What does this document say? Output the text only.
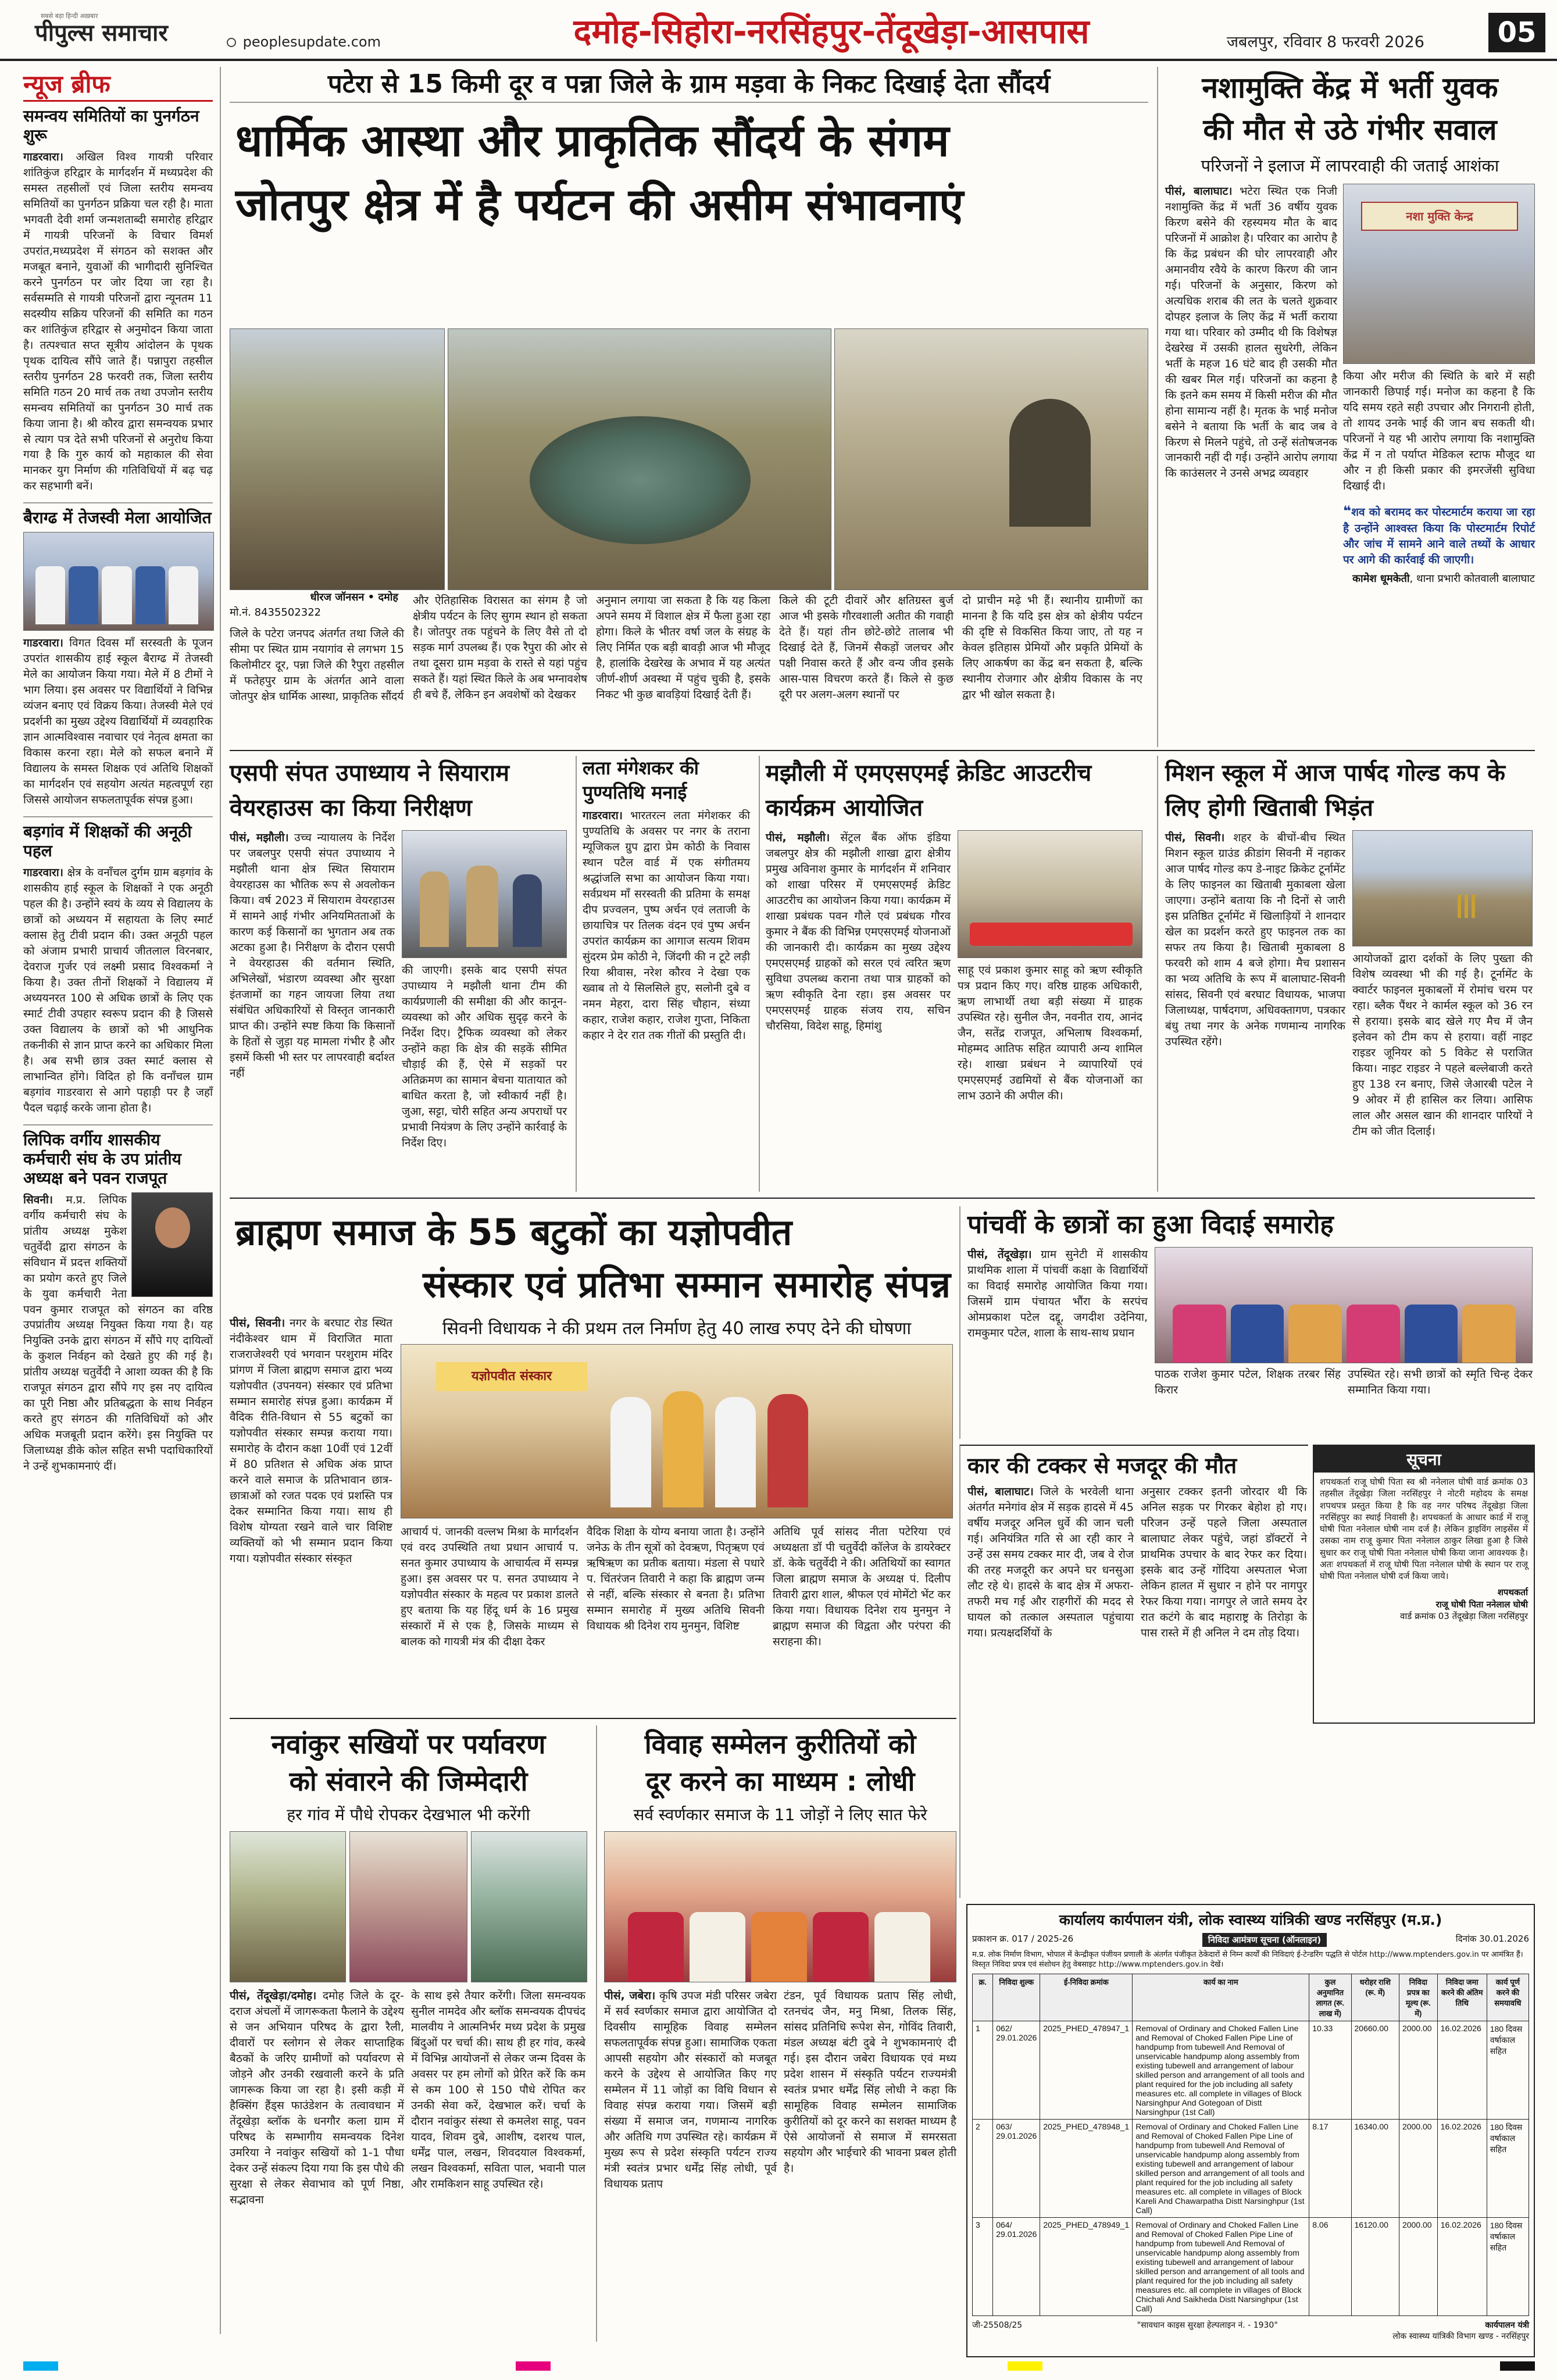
सबसे बड़ा हिन्दी अख़बार
पीपुल्स समाचार	peoplesupdate.com	दमोह-सिहोरा-नरसिंहपुर-तेंदूखेड़ा-आसपास	जबलपुर, रविवार 8 फरवरी 2026	05
न्यूज ब्रीफ
समन्वय समितियों का पुनर्गठन शुरू
गाडरवारा। अखिल विश्व गायत्री परिवार शांतिकुंज हरिद्वार के मार्गदर्शन में मध्यप्रदेश की समस्त तहसीलों एवं जिला स्तरीय समन्वय समितियों का पुनर्गठन प्रक्रिया चल रही है। माता भगवती देवी शर्मा जन्मशताब्दी समारोह हरिद्वार में गायत्री परिजनों के विचार विमर्श उपरांत,मध्यप्रदेश में संगठन को सशक्त और मजबूत बनाने, युवाओं की भागीदारी सुनिश्चित करने पुनर्गठन पर जोर दिया जा रहा है। सर्वसम्मति से गायत्री परिजनों द्वारा न्यूनतम 11 सदस्यीय सक्रिय परिजनों की समिति का गठन कर शांतिकुंज हरिद्वार से अनुमोदन किया जाता है। तत्पश्चात सप्त सूत्रीय आंदोलन के पृथक पृथक दायित्व सौंपे जाते हैं। पन्नापुरा तहसील स्तरीय पुनर्गठन 28 फरवरी तक, जिला स्तरीय समिति गठन 20 मार्च तक तथा उपजोन स्तरीय समन्वय समितियों का पुनर्गठन 30 मार्च तक किया जाना है। श्री कौरव द्वारा समन्वयक प्रभार से त्याग पत्र देते सभी परिजनों से अनुरोध किया गया है कि गुरु कार्य को महाकाल की सेवा मानकर युग निर्माण की गतिविधियों में बढ़ चढ़ कर सहभागी बनें।
बैराग्ढ में तेजस्वी मेला आयोजित
गाडरवारा। विगत दिवस माँ सरस्वती के पूजन उपरांत शासकीय हाई स्कूल बैराग्ढ में तेजस्वी मेले का आयोजन किया गया। मेले में 8 टीमों ने भाग लिया। इस अवसर पर विद्यार्थियों ने विभिन्न व्यंजन बनाए एवं विक्रय किया। तेजस्वी मेले एवं प्रदर्शनी का मुख्य उद्देश्य विद्यार्थियों में व्यवहारिक ज्ञान आत्मविश्वास नवाचार एवं नेतृत्व क्षमता का विकास करना रहा। मेले को सफल बनाने में विद्यालय के समस्त शिक्षक एवं अतिथि शिक्षकों का मार्गदर्शन एवं सहयोग अत्यंत महत्वपूर्ण रहा जिससे आयोजन सफलतापूर्वक संपन्न हुआ।
बड़गांव में शिक्षकों की अनूठी पहल
गाडरवारा। क्षेत्र के वनाँचल दुर्गम ग्राम बड़गांव के शासकीय हाई स्कूल के शिक्षकों ने एक अनूठी पहल की है। उन्होंने स्वयं के व्यय से विद्यालय के छात्रों को अध्ययन में सहायता के लिए स्मार्ट क्लास हेतु टीवी प्रदान की। उक्त अनूठी पहल को अंजाम प्रभारी प्राचार्य जीतलाल विरनबार, देवराज गुर्जर एवं लक्ष्मी प्रसाद विश्वकर्मा ने किया है। उक्त तीनों शिक्षकों ने विद्यालय में अध्ययनरत 100 से अधिक छात्रों के लिए एक स्मार्ट टीवी उपहार स्वरूप प्रदान की है जिससे उक्त विद्यालय के छात्रों को भी आधुनिक तकनीकी से ज्ञान प्राप्त करने का अधिकार मिला है। अब सभी छात्र उक्त स्मार्ट क्लास से लाभान्वित होंगे। विदित हो कि वनाँचल ग्राम बड़गांव गाडरवारा से आगे पहाड़ी पर है जहाँ पैदल चढ़ाई करके जाना होता है।
लिपिक वर्गीय शासकीय कर्मचारी संघ के उप प्रांतीय अध्यक्ष बने पवन राजपूत
सिवनी। म.प्र. लिपिक वर्गीय कर्मचारी संघ के प्रांतीय अध्यक्ष मुकेश चतुर्वेदी द्वारा संगठन के संविधान में प्रदत्त शक्तियों का प्रयोग करते हुए जिले के युवा कर्मचारी नेता पवन कुमार राजपूत को संगठन का वरिष्ठ उपप्रांतीय अध्यक्ष नियुक्त किया गया है। यह नियुक्ति उनके द्वारा संगठन में सौंपे गए दायित्वों के कुशल निर्वहन को देखते हुए की गई है। प्रांतीय अध्यक्ष चतुर्वेदी ने आशा व्यक्त की है कि राजपूत संगठन द्वारा सौंपे गए इस नए दायित्व का पूरी निष्ठा और प्रतिबद्धता के साथ निर्वहन करते हुए संगठन की गतिविधियों को और अधिक मजबूती प्रदान करेंगे। इस नियुक्ति पर जिलाध्यक्ष डीके कोल सहित सभी पदाधिकारियों ने उन्हें शुभकामनाएं दीं।
पटेरा से 15 किमी दूर व पन्ना जिले के ग्राम मड़वा के निकट दिखाई देता सौंदर्य
धार्मिक आस्था और प्राकृतिक सौंदर्य के संगम
जोतपुर क्षेत्र में है पर्यटन की असीम संभावनाएं
धीरज जॉनसन • दमोह
मो.नं. 8435502322
जिले के पटेरा जनपद अंतर्गत तथा जिले की सीमा पर स्थित ग्राम नयागांव से लगभग 15 किलोमीटर दूर, पन्ना जिले की रैपुरा तहसील में फतेहपुर ग्राम के अंतर्गत आने वाला जोतपुर क्षेत्र धार्मिक आस्था, प्राकृतिक सौंदर्य
और ऐतिहासिक विरासत का संगम है जो क्षेत्रीय पर्यटन के लिए सुगम स्थान हो सकता है। जोतपुर तक पहुंचने के लिए वैसे तो दो सड़क मार्ग उपलब्ध हैं। एक रैपुरा की ओर से तथा दूसरा ग्राम मड़वा के रास्ते से यहां पहुंच सकते हैं। यहां स्थित किले के अब भग्नावशेष ही बचे हैं, लेकिन इन अवशेषों को देखकर
अनुमान लगाया जा सकता है कि यह किला अपने समय में विशाल क्षेत्र में फैला हुआ रहा होगा। किले के भीतर वर्षा जल के संग्रह के लिए निर्मित एक बड़ी बावड़ी आज भी मौजूद है, हालांकि देखरेख के अभाव में यह अत्यंत जीर्ण-शीर्ण अवस्था में पहुंच चुकी है, इसके निकट भी कुछ बावड़ियां दिखाई देती हैं।
किले की टूटी दीवारें और क्षतिग्रस्त बुर्ज आज भी इसके गौरवशाली अतीत की गवाही देते हैं। यहां तीन छोटे-छोटे तालाब भी दिखाई देते हैं, जिनमें सैकड़ों जलचर और पक्षी निवास करते हैं और वन्य जीव इसके आस-पास विचरण करते हैं। किले से कुछ दूरी पर अलग-अलग स्थानों पर
दो प्राचीन मढ़े भी हैं। स्थानीय ग्रामीणों का मानना है कि यदि इस क्षेत्र को क्षेत्रीय पर्यटन की दृष्टि से विकसित किया जाए, तो यह न केवल इतिहास प्रेमियों और प्रकृति प्रेमियों के लिए आकर्षण का केंद्र बन सकता है, बल्कि स्थानीय रोजगार और क्षेत्रीय विकास के नए द्वार भी खोल सकता है।
नशामुक्ति केंद्र में भर्ती युवक
की मौत से उठे गंभीर सवाल
परिजनों ने इलाज में लापरवाही की जताई आशंका
पीसं, बालाघाट। भटेरा स्थित एक निजी नशामुक्ति केंद्र में भर्ती 36 वर्षीय युवक किरण बसेने की रहस्यमय मौत के बाद परिजनों में आक्रोश है। परिवार का आरोप है कि केंद्र प्रबंधन की घोर लापरवाही और अमानवीय रवैये के कारण किरण की जान गई। परिजनों के अनुसार, किरण को अत्यधिक शराब की लत के चलते शुक्रवार दोपहर इलाज के लिए केंद्र में भर्ती कराया गया था। परिवार को उम्मीद थी कि विशेषज्ञ देखरेख में उसकी हालत सुधरेगी, लेकिन भर्ती के महज 16 घंटे बाद ही उसकी मौत की खबर मिल गई। परिजनों का कहना है कि इतने कम समय में किसी मरीज की मौत होना सामान्य नहीं है। मृतक के भाई मनोज बसेने ने बताया कि भर्ती के बाद जब वे किरण से मिलने पहुंचे, तो उन्हें संतोषजनक जानकारी नहीं दी गई। उन्होंने आरोप लगाया कि काउंसलर ने उनसे अभद्र व्यवहार
नशा मुक्ति केन्द्र
किया और मरीज की स्थिति के बारे में सही जानकारी छिपाई गई। मनोज का कहना है कि यदि समय रहते सही उपचार और निगरानी होती, तो शायद उनके भाई की जान बच सकती थी। परिजनों ने यह भी आरोप लगाया कि नशामुक्ति केंद्र में न तो पर्याप्त मेडिकल स्टाफ मौजूद था और न ही किसी प्रकार की इमरजेंसी सुविधा दिखाई दी।
❝शव को बरामद कर पोस्टमार्टम कराया जा रहा है उन्होंने आश्वस्त किया कि पोस्टमार्टम रिपोर्ट और जांच में सामने आने वाले तथ्यों के आधार पर आगे की कार्रवाई की जाएगी।
कामेश धूमकेती, थाना प्रभारी कोतवाली बालाघाट
एसपी संपत उपाध्याय ने सियाराम वेयरहाउस का किया निरीक्षण
पीसं, मझौली। उच्च न्यायालय के निर्देश पर जबलपुर एसपी संपत उपाध्याय ने मझौली थाना क्षेत्र स्थित सियाराम वेयरहाउस का भौतिक रूप से अवलोकन किया। वर्ष 2023 में सियाराम वेयरहाउस में सामने आई गंभीर अनियमितताओं के कारण कई किसानों का भुगतान अब तक अटका हुआ है। निरीक्षण के दौरान एसपी ने वेयरहाउस की वर्तमान स्थिति, अभिलेखों, भंडारण व्यवस्था और सुरक्षा इंतजामों का गहन जायजा लिया तथा संबंधित अधिकारियों से विस्तृत जानकारी प्राप्त की। उन्होंने स्पष्ट किया कि किसानों के हितों से जुड़ा यह मामला गंभीर है और इसमें किसी भी स्तर पर लापरवाही बर्दाश्त नहीं
की जाएगी। इसके बाद एसपी संपत उपाध्याय ने मझौली थाना टीम की कार्यप्रणाली की समीक्षा की और कानून-व्यवस्था को और अधिक सुदृढ़ करने के निर्देश दिए। ट्रैफिक व्यवस्था को लेकर उन्होंने कहा कि क्षेत्र की सड़कें सीमित चौड़ाई की हैं, ऐसे में सड़कों पर अतिक्रमण का सामान बेचना यातायात को बाधित करता है, जो स्वीकार्य नहीं है। जुआ, सट्टा, चोरी सहित अन्य अपराधों पर प्रभावी नियंत्रण के लिए उन्होंने कार्रवाई के निर्देश दिए।
लता मंगेशकर की पुण्यतिथि मनाई
गाडरवारा। भारतरत्न लता मंगेशकर की पुण्यतिथि के अवसर पर नगर के तराना म्यूजिकल ग्रुप द्वारा प्रेम कोठी के निवास स्थान पटैल वार्ड में एक संगीतमय श्रद्धांजलि सभा का आयोजन किया गया। सर्वप्रथम माँ सरस्वती की प्रतिमा के समक्ष दीप प्रज्वलन, पुष्प अर्चन एवं लताजी के छायाचित्र पर तिलक वंदन एवं पुष्प अर्चन उपरांत कार्यक्रम का आगाज सत्यम शिवम सुंदरम प्रेम कोठी ने, जिंदगी की न टूटे लड़ी रिया श्रीवास, नरेश कौरव ने देखा एक ख्वाब तो ये सिलसिले हुए, सलोनी दुबे व नमन मेहरा, दारा सिंह चौहान, संध्या कहार, राजेश कहार, राजेश गुप्ता, निकिता कहार ने देर रात तक गीतों की प्रस्तुति दी।
मझौली में एमएसएमई क्रेडिट आउटरीच कार्यक्रम आयोजित
पीसं, मझौली। सेंट्रल बैंक ऑफ इंडिया जबलपुर क्षेत्र की मझौली शाखा द्वारा क्षेत्रीय प्रमुख अविनाश कुमार के मार्गदर्शन में शनिवार को शाखा परिसर में एमएसएमई क्रेडिट आउटरीच का आयोजन किया गया। कार्यक्रम में शाखा प्रबंधक पवन गौले एवं प्रबंधक गौरव कुमार ने बैंक की विभिन्न एमएसएमई योजनाओं की जानकारी दी। कार्यक्रम का मुख्य उद्देश्य एमएसएमई ग्राहकों को सरल एवं त्वरित ऋण सुविधा उपलब्ध कराना तथा पात्र ग्राहकों को ऋण स्वीकृति देना रहा। इस अवसर पर एमएसएमई ग्राहक संजय राय, सचिन चौरसिया, विदेश साहू, हिमांशु
साहू एवं प्रकाश कुमार साहू को ऋण स्वीकृति पत्र प्रदान किए गए। वरिष्ठ ग्राहक अधिकारी, ऋण लाभार्थी तथा बड़ी संख्या में ग्राहक उपस्थित रहे। सुनील जैन, नवनीत राय, आनंद जैन, सतेंद्र राजपूत, अभिलाष विश्वकर्मा, मोहम्मद आतिफ सहित व्यापारी अन्य शामिल रहे। शाखा प्रबंधन ने व्यापारियों एवं एमएसएमई उद्यमियों से बैंक योजनाओं का लाभ उठाने की अपील की।
मिशन स्कूल में आज पार्षद गोल्ड कप के लिए होगी खिताबी भिड़ंत
पीसं, सिवनी। शहर के बीचों-बीच स्थित मिशन स्कूल ग्राउंड क्रीडांग सिवनी में नहाकर आज पार्षद गोल्ड कप डे-नाइट क्रिकेट टूर्नामेंट के लिए फाइनल का खिताबी मुकाबला खेला जाएगा। उन्होंने बताया कि नौ दिनों से जारी इस प्रतिष्ठित टूर्नामेंट में खिलाड़ियों ने शानदार खेल का प्रदर्शन करते हुए फाइनल तक का सफर तय किया है। खिताबी मुकाबला 8 फरवरी को शाम 4 बजे होगा। मैच प्रशासन का भव्य अतिथि के रूप में बालाघाट-सिवनी सांसद, सिवनी एवं बरघाट विधायक, भाजपा जिलाध्यक्ष, पार्षदगण, अधिवक्तागण, पत्रकार बंधु तथा नगर के अनेक गणमान्य नागरिक उपस्थित रहेंगे।
आयोजकों द्वारा दर्शकों के लिए पुख्ता की विशेष व्यवस्था भी की गई है। टूर्नामेंट के क्वार्टर फाइनल मुकाबलों में रोमांच चरम पर रहा। ब्लैक पैंथर ने कार्मल स्कूल को 36 रन से हराया। इसके बाद खेले गए मैच में जैन इलेवन को टीम कप से हराया। वहीं नाइट राइडर जूनियर को 5 विकेट से पराजित किया। नाइट राइडर ने पहले बल्लेबाजी करते हुए 138 रन बनाए, जिसे जेआरबी पटेल ने 9 ओवर में ही हासिल कर लिया। आसिफ लाल और असल खान की शानदार पारियों ने टीम को जीत दिलाई।
ब्राह्मण समाज के 55 बटुकों का यज्ञोपवीत
संस्कार एवं प्रतिभा सम्मान समारोह संपन्न
पीसं, सिवनी। नगर के बरघाट रोड स्थित नंदीकेश्वर धाम में विराजित माता राजराजेश्वरी एवं भगवान परशुराम मंदिर प्रांगण में जिला ब्राह्मण समाज द्वारा भव्य यज्ञोपवीत (उपनयन) संस्कार एवं प्रतिभा सम्मान समारोह संपन्न हुआ। कार्यक्रम में वैदिक रीति-विधान से 55 बटुकों का यज्ञोपवीत संस्कार सम्पन्न कराया गया। समारोह के दौरान कक्षा 10वीं एवं 12वीं में 80 प्रतिशत से अधिक अंक प्राप्त करने वाले समाज के प्रतिभावान छात्र-छात्राओं को रजत पदक एवं प्रशस्ति पत्र देकर सम्मानित किया गया। साथ ही विशेष योग्यता रखने वाले चार विशिष्ट व्यक्तियों को भी सम्मान प्रदान किया गया। यज्ञोपवीत संस्कार संस्कृत
सिवनी विधायक ने की प्रथम तल निर्माण हेतु 40 लाख रुपए देने की घोषणा
यज्ञोपवीत संस्कार
आचार्य पं. जानकी वल्लभ मिश्रा के मार्गदर्शन एवं वरद उपस्थिति तथा प्रधान आचार्य प. सनत कुमार उपाध्याय के आचार्यत्व में सम्पन्न हुआ। इस अवसर पर प. सनत उपाध्याय ने यज्ञोपवीत संस्कार के महत्व पर प्रकाश डालते हुए बताया कि यह हिंदू धर्म के 16 प्रमुख संस्कारों में से एक है, जिसके माध्यम से बालक को गायत्री मंत्र की दीक्षा देकर
वैदिक शिक्षा के योग्य बनाया जाता है। उन्होंने जनेऊ के तीन सूत्रों को देवऋण, पितृऋण एवं ऋषिऋण का प्रतीक बताया। मंडला से पधारे प. चिंतरंजन तिवारी ने कहा कि ब्राह्मण जन्म से नहीं, बल्कि संस्कार से बनता है। प्रतिभा सम्मान समारोह में मुख्य अतिथि सिवनी विधायक श्री दिनेश राय मुनमुन, विशिष्ट
अतिथि पूर्व सांसद नीता पटेरिया एवं अध्यक्षता डॉ पी चतुर्वेदी कॉलेज के डायरेक्टर डॉ. केके चतुर्वेदी ने की। अतिथियों का स्वागत जिला ब्राह्मण समाज के अध्यक्ष पं. दिलीप तिवारी द्वारा शाल, श्रीफल एवं मोमेंटो भेंट कर किया गया। विधायक दिनेश राय मुनमुन ने ब्राह्मण समाज की विद्वता और परंपरा की सराहना की।
पांचवीं के छात्रों का हुआ विदाई समारोह
पीसं, तेंदूखेड़ा। ग्राम सुनेटी में शासकीय प्राथमिक शाला में पांचवीं कक्षा के विद्यार्थियों का विदाई समारोह आयोजित किया गया। जिसमें ग्राम पंचायत भौंरा के सरपंच ओमप्रकाश पटेल दद्दू, जगदीश उदेनिया, रामकुमार पटेल, शाला के साथ-साथ प्रधान
पाठक राजेश कुमार पटेल, शिक्षक तरबर सिंह किरार
उपस्थित रहे। सभी छात्रों को स्मृति चिन्ह देकर सम्मानित किया गया।
कार की टक्कर से मजदूर की मौत
पीसं, बालाघाट। जिले के भरवेली थाना अंतर्गत मनेगांव क्षेत्र में सड़क हादसे में 45 वर्षीय मजदूर अनिल धुर्वे की जान चली गई। अनियंत्रित गति से आ रही कार ने उन्हें उस समय टक्कर मार दी, जब वे रोज की तरह मजदूरी कर अपने घर धनसुआ लौट रहे थे। हादसे के बाद क्षेत्र में अफरा-तफरी मच गई और राहगीरों की मदद से घायल को तत्काल अस्पताल पहुंचाया गया। प्रत्यक्षदर्शियों के
अनुसार टक्कर इतनी जोरदार थी कि अनिल सड़क पर गिरकर बेहोश हो गए। परिजन उन्हें पहले जिला अस्पताल बालाघाट लेकर पहुंचे, जहां डॉक्टरों ने प्राथमिक उपचार के बाद रेफर कर दिया। इसके बाद उन्हें गोंदिया अस्पताल भेजा लेकिन हालत में सुधार न होने पर नागपुर रेफर किया गया। नागपुर ले जाते समय देर रात कटंगे के बाद महाराष्ट्र के तिरोड़ा के पास रास्ते में ही अनिल ने दम तोड़ दिया।
सूचना
शपथकर्ता राजू घोषी पिता स्व श्री ननेलाल घोषी वार्ड क्रमांक 03 तहसील तेंदूखेड़ा जिला नरसिंहपुर ने नोटरी महोदय के समक्ष शपथपत्र प्रस्तुत किया है कि वह नगर परिषद तेंदूखेड़ा जिला नरसिंहपुर का स्थाई निवासी है। शपथकर्ता के आधार कार्ड में राजू घोषी पिता ननेलाल घोषी नाम दर्ज है। लेकिन ड्राइविंग लाइसेंस में उसका नाम राजू कुमार पिता ननेलाल ठाकुर लिखा हुआ है जिसे सुधार कर राजू घोषी पिता ननेलाल घोषी किया जाना आवश्यक है। अतः शपथकर्ता में राजू घोषी पिता ननेलाल घोषी के स्थान पर राजू घोषी पिता ननेलाल घोषी दर्ज किया जाये।
शपथकर्ता
राजू घोषी पिता ननेलाल घोषी
वार्ड क्रमांक 03 तेंदूखेड़ा जिला नरसिंहपुर
नवांकुर सखियों पर पर्यावरण
को संवारने की जिम्मेदारी
हर गांव में पौधे रोपकर देखभाल भी करेंगी
पीसं, तेंदूखेड़ा/दमोह। दमोह जिले के दूर-दराज अंचलों में जागरूकता फैलाने के उद्देश्य से जन अभियान परिषद के द्वारा रैली, दीवारों पर स्लोगन से लेकर साप्ताहिक बैठकों के जरिए ग्रामीणों को पर्यावरण से जोड़ने और उनकी रखवाली करने के प्रति जागरूक किया जा रहा है। इसी कड़ी में हैक्सिंग हैंड्स फाउंडेशन के तत्वावधान में तेंदूखेड़ा ब्लॉक के धनगौर कला ग्राम में परिषद के सम्भागीय समन्वयक दिनेश उमरिया ने नवांकुर सखियों को 1-1 पौधा देकर उन्हें संकल्प दिया गया कि इस पौधे की सुरक्षा से लेकर सेवाभाव को पूर्ण निष्ठा, सद्भावना
के साथ इसे तैयार करेंगी। जिला समन्वयक सुनील नामदेव और ब्लॉक समन्वयक दीपचंद मालवीय ने आत्मनिर्भर मध्य प्रदेश के प्रमुख बिंदुओं पर चर्चा की। साथ ही हर गांव, कस्बे में विभिन्न आयोजनों से लेकर जन्म दिवस के अवसर पर हम लोगों को प्रेरित करें कि कम से कम 100 से 150 पौधे रोपित कर उनकी सेवा करें, देखभाल करें। चर्चा के दौरान नवांकुर संस्था से कमलेश साहू, पवन यादव, शिवम दुबे, आशीष, दशरथ पाल, धर्मेंद्र पाल, लखन, शिवदयाल विश्वकर्मा, लखन विश्वकर्मा, सविता पाल, भवानी पाल और रामकिशन साहू उपस्थित रहे।
विवाह सम्मेलन कुरीतियों को
दूर करने का माध्यम : लोधी
सर्व स्वर्णकार समाज के 11 जोड़ों ने लिए सात फेरे
पीसं, जबेरा। कृषि उपज मंडी परिसर जबेरा में सर्व स्वर्णकार समाज द्वारा आयोजित दो दिवसीय सामूहिक विवाह सम्मेलन सफलतापूर्वक संपन्न हुआ। सामाजिक एकता आपसी सहयोग और संस्कारों को मजबूत करने के उद्देश्य से आयोजित किए गए सम्मेलन में 11 जोड़ों का विधि विधान से विवाह संपन्न कराया गया। जिसमें बड़ी संख्या में समाज जन, गणमान्य नागरिक और अतिथि गण उपस्थित रहे। कार्यक्रम में मुख्य रूप से प्रदेश संस्कृति पर्यटन राज्य मंत्री स्वतंत्र प्रभार धर्मेंद्र सिंह लोधी, पूर्व विधायक प्रताप
टंडन, पूर्व विधायक प्रताप सिंह लोधी, रतनचंद जैन, मनु मिश्रा, तिलक सिंह, सांसद प्रतिनिधि रूपेश सेन, गोविंद तिवारी, मंडल अध्यक्ष बंटी दुबे ने शुभकामनाएं दी गई। इस दौरान जबेरा विधायक एवं मध्य प्रदेश शासन में संस्कृति पर्यटन राज्यमंत्री स्वतंत्र प्रभार धर्मेंद्र सिंह लोधी ने कहा कि सामूहिक विवाह सम्मेलन सामाजिक कुरीतियों को दूर करने का सशक्त माध्यम है ऐसे आयोजनों से समाज में समरसता सहयोग और भाईचारे की भावना प्रबल होती है।
कार्यालय कार्यपालन यंत्री, लोक स्वास्थ्य यांत्रिकी खण्ड नरसिंहपुर (म.प्र.)
प्रकाशन क्र. 017 / 2025-26	निविदा आमंत्रण सूचना (ऑनलाइन)	दिनांक 30.01.2026
म.प्र. लोक निर्माण विभाग, भोपाल में केन्द्रीकृत पंजीयन प्रणाली के अंतर्गत पंजीकृत ठेकेदारों से निम्न कार्यों की निविदाएं ई-टेन्डरिंग पद्धति से पोर्टल http://www.mptenders.gov.in पर आमंत्रित हैं। विस्तृत निविदा प्रपत्र एवं संशोधन हेतु वेबसाइट http://www.mptenders.gov.in देखें।
क्र.	निविदा शुल्क	ई-निविदा क्रमांक	कार्य का नाम	कुल अनुमानित लागत (रू. लाख में)	धरोहर राशि (रू. में)	निविदा प्रपत्र का मूल्य (रू. में)	निविदा जमा करने की अंतिम तिथि	कार्य पूर्ण करने की समयावधि
1	062/ 29.01.2026	2025_PHED_478947_1	Removal of Ordinary and Choked Fallen Line and Removal of Choked Fallen Pipe Line of handpump from tubewell And Removal of unservicable handpump along assembly from existing tubewell and arrangement of labour skilled person and arrangement of all tools and plant required for the job including all safety measures etc. all complete in villages of Block Narsinghpur And Gotegoan of Distt Narsinghpur (1st Call)	10.33	20660.00	2000.00	16.02.2026	180 दिवस वर्षाकाल सहित
2	063/ 29.01.2026	2025_PHED_478948_1	Removal of Ordinary and Choked Fallen Line and Removal of Choked Fallen Pipe Line of handpump from tubewell And Removal of unservicable handpump along assembly from existing tubewell and arrangement of labour skilled person and arrangement of all tools and plant required for the job including all safety measures etc. all complete in villages of Block Kareli And Chawarpatha Distt Narsinghpur (1st Call)	8.17	16340.00	2000.00	16.02.2026	180 दिवस वर्षाकाल सहित
3	064/ 29.01.2026	2025_PHED_478949_1	Removal of Ordinary and Choked Fallen Line and Removal of Choked Fallen Pipe Line of handpump from tubewell And Removal of unservicable handpump along assembly from existing tubewell and arrangement of labour skilled person and arrangement of all tools and plant required for the job including all safety measures etc. all complete in villages of Block Chichali And Saikheda Distt Narsinghpur (1st Call)	8.06	16120.00	2000.00	16.02.2026	180 दिवस वर्षाकाल सहित
जी-25508/25	"सावधान काइस सुरक्षा हेल्पलाइन नं. - 1930"	कार्यपालन यंत्री
लोक स्वास्थ्य यांत्रिकी विभाग खण्ड - नरसिंहपुर
